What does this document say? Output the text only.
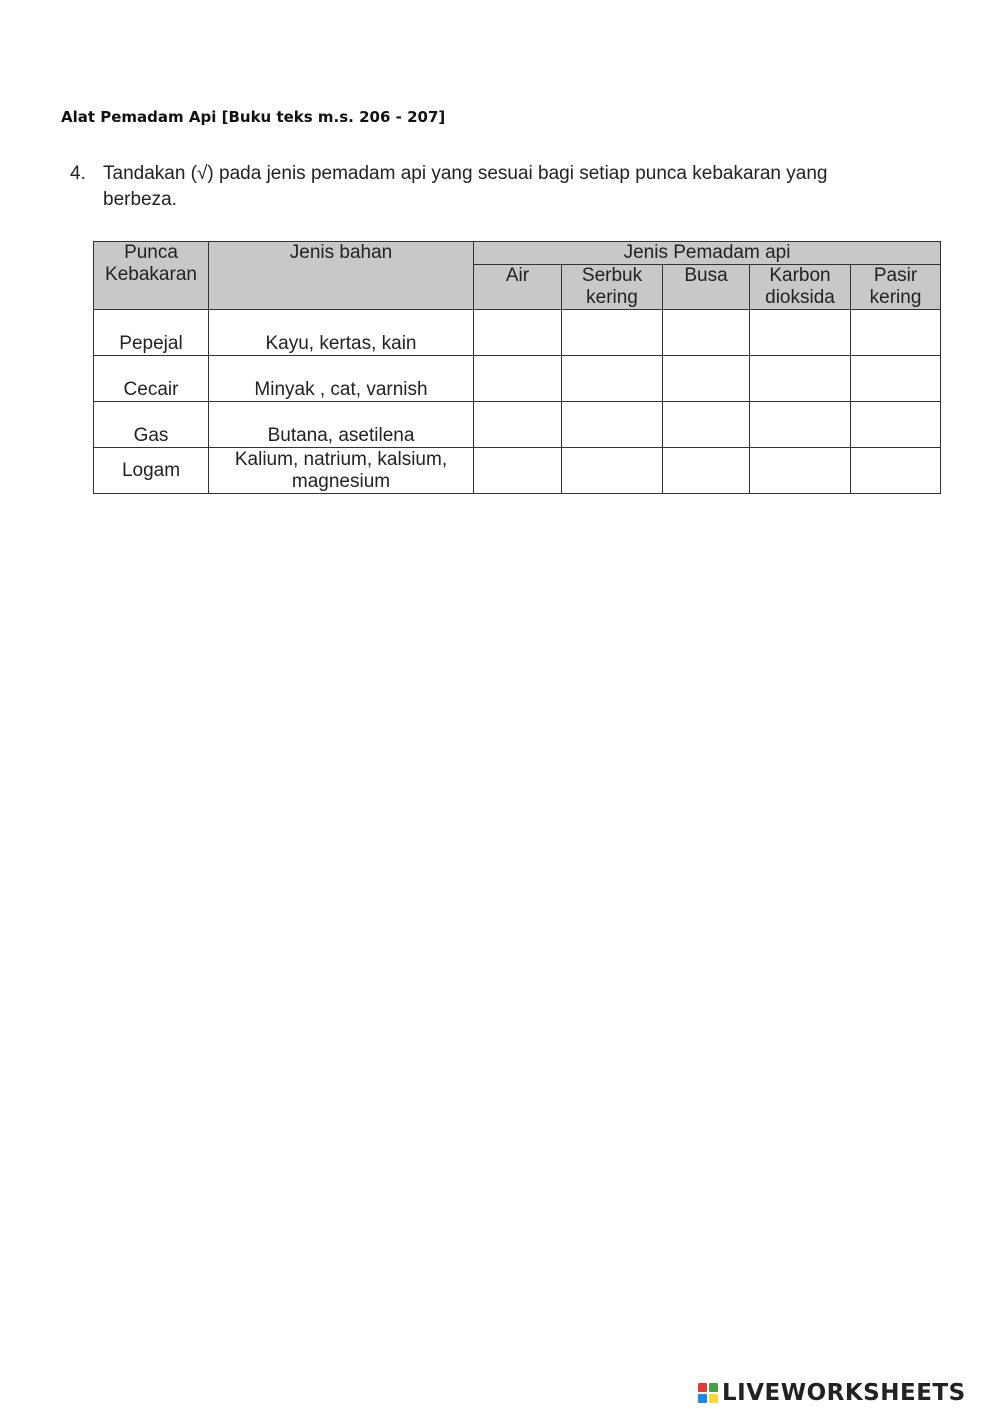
Alat Pemadam Api [Buku teks m.s. 206 - 207]
4. Tandakan (√) pada jenis pemadam api yang sesuai bagi setiap punca kebakaran yang berbeza.
Punca Kebakaran	Jenis bahan	Jenis Pemadam api				
		Air	Serbuk kering	Busa	Karbon dioksida	Pasir kering
Pepejal	Kayu, kertas, kain					
Cecair	Minyak , cat, varnish					
Gas	Butana, asetilena					
Logam	Kalium, natrium, kalsium, magnesium					
LIVEWORKSHEETS
